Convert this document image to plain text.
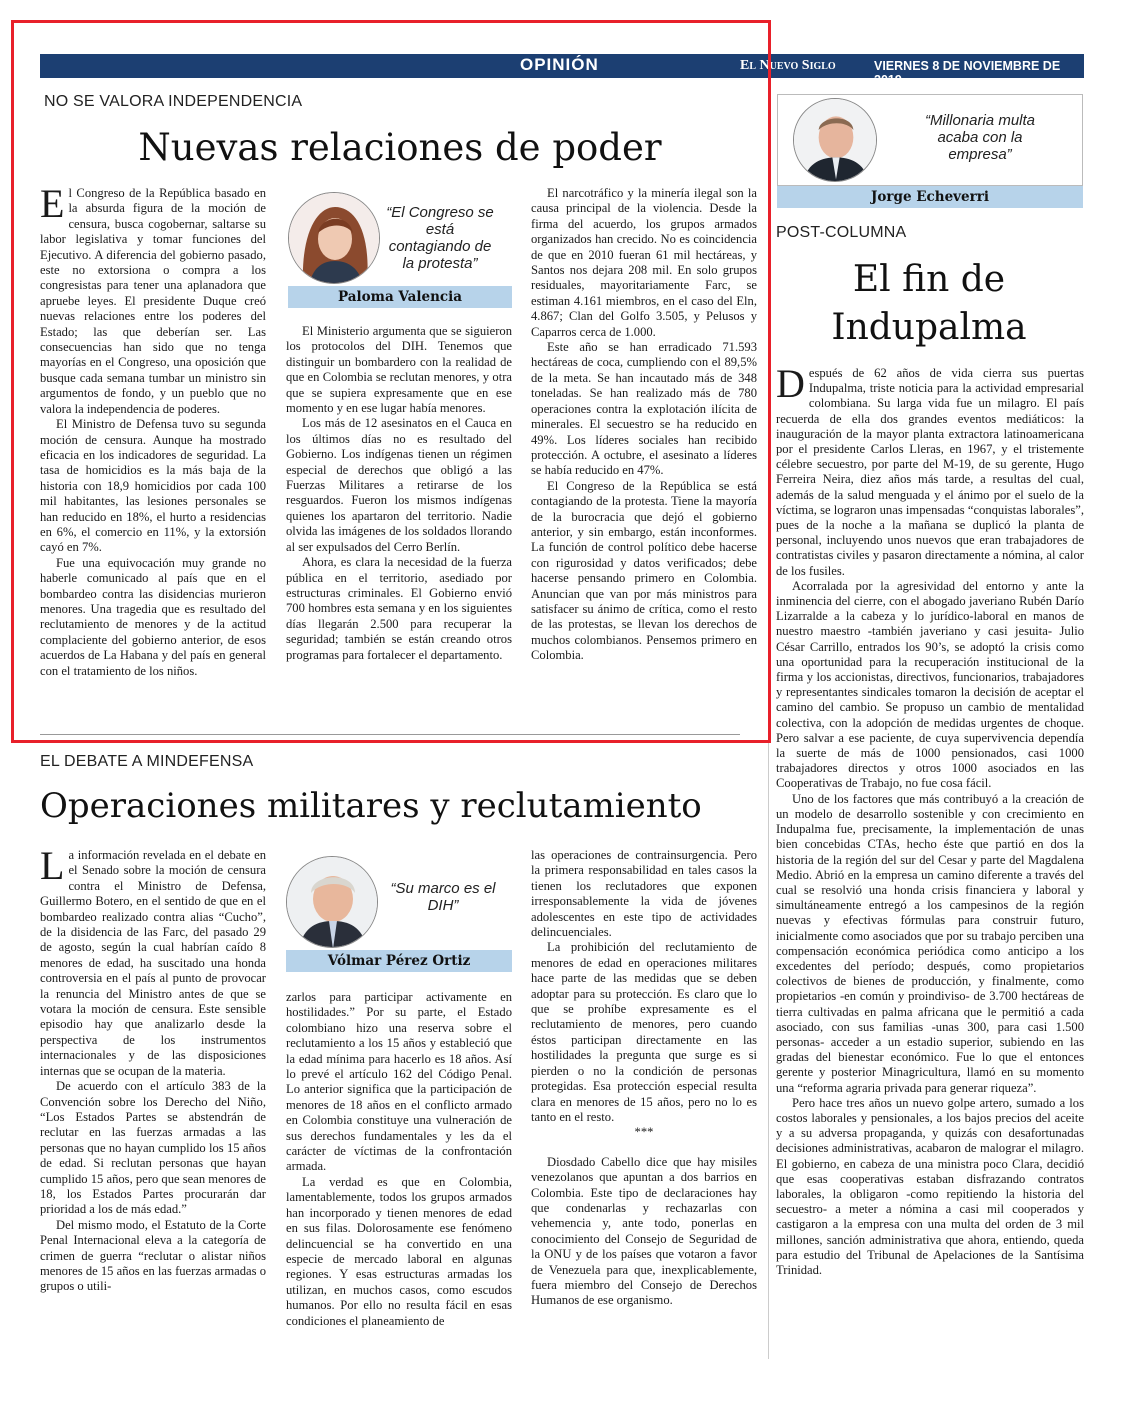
OPINIÓN	El Nuevo Siglo	VIERNES 8 DE NOVIEMBRE DE 2019
9A
NO SE VALORA INDEPENDENCIA
Nuevas relaciones de poder

El Congreso de la República basado en la absurda figura de la moción de censura, busca cogobernar, saltarse su labor legislativa y tomar funciones del Ejecutivo. A diferencia del gobierno pasado, este no extorsiona o compra a los congresistas para tener una aplanadora que apruebe leyes. El presidente Duque creó nuevas relaciones entre los poderes del Estado; las que deberían ser. Las consecuencias han sido que no tenga mayorías en el Congreso, una oposición que busque cada semana tumbar un ministro sin argumentos de fondo, y un pueblo que no valora la independencia de poderes.

El Ministro de Defensa tuvo su segunda moción de censura. Aunque ha mostrado eficacia en los indicadores de seguridad. La tasa de homicidios es la más baja de la historia con 18,9 homicidios por cada 100 mil habitantes, las lesiones personales se han reducido en 18%, el hurto a residencias en 6%, el comercio en 11%, y la extorsión cayó en 7%.

Fue una equivocación muy grande no haberle comunicado al país que en el bombardeo contra las disidencias murieron menores. Una tragedia que es resultado del reclutamiento de menores y de la actitud complaciente del gobierno anterior, de esos acuerdos de La Habana y del país en general con el tratamiento de los niños.

“El Congreso se está contagiando de la protesta”
Paloma Valencia

El Ministerio argumenta que se siguieron los protocolos del DIH. Tenemos que distinguir un bombardero con la realidad de que en Colombia se reclutan menores, y otra que se supiera expresamente que en ese momento y en ese lugar había menores.

Los más de 12 asesinatos en el Cauca en los últimos días no es resultado del Gobierno. Los indígenas tienen un régimen especial de derechos que obligó a las Fuerzas Militares a retirarse de los resguardos. Fueron los mismos indígenas quienes los apartaron del territorio. Nadie olvida las imágenes de los soldados llorando al ser expulsados del Cerro Berlín.

Ahora, es clara la necesidad de la fuerza pública en el territorio, asediado por estructuras criminales. El Gobierno envió 700 hombres esta semana y en los siguientes días llegarán 2.500 para recuperar la seguridad; también se están creando otros programas para fortalecer el departamento.

El narcotráfico y la minería ilegal son la causa principal de la violencia. Desde la firma del acuerdo, los grupos armados organizados han crecido. No es coincidencia de que en 2010 fueran 61 mil hectáreas, y Santos nos dejara 208 mil. En solo grupos residuales, mayoritariamente Farc, se estiman 4.161 miembros, en el caso del Eln, 4.867; Clan del Golfo 3.505, y Pelusos y Caparros cerca de 1.000.

Este año se han erradicado 71.593 hectáreas de coca, cumpliendo con el 89,5% de la meta. Se han incautado más de 348 toneladas. Se han realizado más de 780 operaciones contra la explotación ilícita de minerales. El secuestro se ha reducido en 49%. Los líderes sociales han recibido protección. A octubre, el asesinato a líderes se había reducido en 47%.

El Congreso de la República se está contagiando de la protesta. Tiene la mayoría de la burocracia que dejó el gobierno anterior, y sin embargo, están inconformes. La función de control político debe hacerse con rigurosidad y datos verificados; debe hacerse pensando primero en Colombia. Anuncian que van por más ministros para satisfacer su ánimo de crítica, como el resto de las protestas, se llevan los derechos de muchos colombianos. Pensemos primero en Colombia.

EL DEBATE A MINDEFENSA
Operaciones militares y reclutamiento

La información revelada en el debate en el Senado sobre la moción de censura contra el Ministro de Defensa, Guillermo Botero, en el sentido de que en el bombardeo realizado contra alias “Cucho”, de la disidencia de las Farc, del pasado 29 de agosto, según la cual habrían caído 8 menores de edad, ha suscitado una honda controversia en el país al punto de provocar la renuncia del Ministro antes de que se votara la moción de censura. Este sensible episodio hay que analizarlo desde la perspectiva de los instrumentos internacionales y de las disposiciones internas que se ocupan de la materia.

De acuerdo con el artículo 383 de la Convención sobre los Derecho del Niño, “Los Estados Partes se abstendrán de reclutar en las fuerzas armadas a las personas que no hayan cumplido los 15 años de edad. Si reclutan personas que hayan cumplido 15 años, pero que sean menores de 18, los Estados Partes procurarán dar prioridad a los de más edad.”

Del mismo modo, el Estatuto de la Corte Penal Internacional eleva a la categoría de crimen de guerra “reclutar o alistar niños menores de 15 años en las fuerzas armadas o grupos o utili-

“Su marco es el DIH”
Vólmar Pérez Ortiz

zarlos para participar activamente en hostilidades.” Por su parte, el Estado colombiano hizo una reserva sobre el reclutamiento a los 15 años y estableció que la edad mínima para hacerlo es 18 años. Así lo prevé el artículo 162 del Código Penal. Lo anterior significa que la participación de menores de 18 años en el conflicto armado en Colombia constituye una vulneración de sus derechos fundamentales y les da el carácter de víctimas de la confrontación armada.

La verdad es que en Colombia, lamentablemente, todos los grupos armados han incorporado y tienen menores de edad en sus filas. Dolorosamente ese fenómeno delincuencial se ha convertido en una especie de mercado laboral en algunas regiones. Y esas estructuras armadas los utilizan, en muchos casos, como escudos humanos. Por ello no resulta fácil en esas condiciones el planeamiento de

las operaciones de contrainsurgencia. Pero la primera responsabilidad en tales casos la tienen los reclutadores que exponen irresponsablemente la vida de jóvenes adolescentes en este tipo de actividades delincuenciales.

La prohibición del reclutamiento de menores de edad en operaciones militares hace parte de las medidas que se deben adoptar para su protección. Es claro que lo que se prohíbe expresamente es el reclutamiento de menores, pero cuando éstos participan directamente en las hostilidades la pregunta que surge es si pierden o no la condición de personas protegidas. Esa protección especial resulta clara en menores de 15 años, pero no lo es tanto en el resto.

***

Diosdado Cabello dice que hay misiles venezolanos que apuntan a dos barrios en Colombia. Este tipo de declaraciones hay que condenarlas y rechazarlas con vehemencia y, ante todo, ponerlas en conocimiento del Consejo de Seguridad de la ONU y de los países que votaron a favor de Venezuela para que, inexplicablemente, fuera miembro del Consejo de Derechos Humanos de ese organismo.

“Millonaria multa acaba con la empresa”
Jorge Echeverri
POST-COLUMNA
El fin de
Indupalma

Después de 62 años de vida cierra sus puertas Indupalma, triste noticia para la actividad empresarial colombiana. Su larga vida fue un milagro. El país recuerda de ella dos grandes eventos mediáticos: la inauguración de la mayor planta extractora latinoamericana por el presidente Carlos Lleras, en 1967, y el tristemente célebre secuestro, por parte del M-19, de su gerente, Hugo Ferreira Neira, diez años más tarde, a resultas del cual, además de la salud menguada y el ánimo por el suelo de la víctima, se lograron unas impensadas “conquistas laborales”, pues de la noche a la mañana se duplicó la planta de personal, incluyendo unos nuevos que eran trabajadores de contratistas civiles y pasaron directamente a nómina, al calor de los fusiles.

Acorralada por la agresividad del entorno y ante la inminencia del cierre, con el abogado javeriano Rubén Darío Lizarralde a la cabeza y lo jurídico-laboral en manos de nuestro maestro -también javeriano y casi jesuita- Julio César Carrillo, entrados los 90’s, se adoptó la crisis como una oportunidad para la recuperación institucional de la firma y los accionistas, directivos, funcionarios, trabajadores y representantes sindicales tomaron la decisión de aceptar el camino del cambio. Se propuso un cambio de mentalidad colectiva, con la adopción de medidas urgentes de choque. Pero salvar a ese paciente, de cuya supervivencia dependía la suerte de más de 1000 pensionados, casi 1000 trabajadores directos y otros 1000 asociados en las Cooperativas de Trabajo, no fue cosa fácil.

Uno de los factores que más contribuyó a la creación de un modelo de desarrollo sostenible y con crecimiento en Indupalma fue, precisamente, la implementación de unas bien concebidas CTAs, hecho éste que partió en dos la historia de la región del sur del Cesar y parte del Magdalena Medio. Abrió en la empresa un camino diferente a través del cual se resolvió una honda crisis financiera y laboral y simultáneamente entregó a los campesinos de la región nuevas y efectivas fórmulas para construir futuro, inicialmente como asociados que por su trabajo perciben una compensación económica periódica como anticipo a los excedentes del período; después, como propietarios colectivos de bienes de producción, y finalmente, como propietarios -en común y proindiviso- de 3.700 hectáreas de tierra cultivadas en palma africana que le permitió a cada asociado, con sus familias -unas 300, para casi 1.500 personas- acceder a un estadio superior, subiendo en las gradas del bienestar económico. Fue lo que el entonces gerente y posterior Minagricultura, llamó en su momento una “reforma agraria privada para generar riqueza”.

Pero hace tres años un nuevo golpe artero, sumado a los costos laborales y pensionales, a los bajos precios del aceite y a su adversa propaganda, y quizás con desafortunadas decisiones administrativas, acabaron de malograr el milagro. El gobierno, en cabeza de una ministra poco Clara, decidió que esas cooperativas estaban disfrazando contratos laborales, la obligaron -como repitiendo la historia del secuestro- a meter a nómina a casi mil cooperados y castigaron a la empresa con una multa del orden de 3 mil millones, sanción administrativa que ahora, entiendo, queda para estudio del Tribunal de Apelaciones de la Santísima Trinidad.
